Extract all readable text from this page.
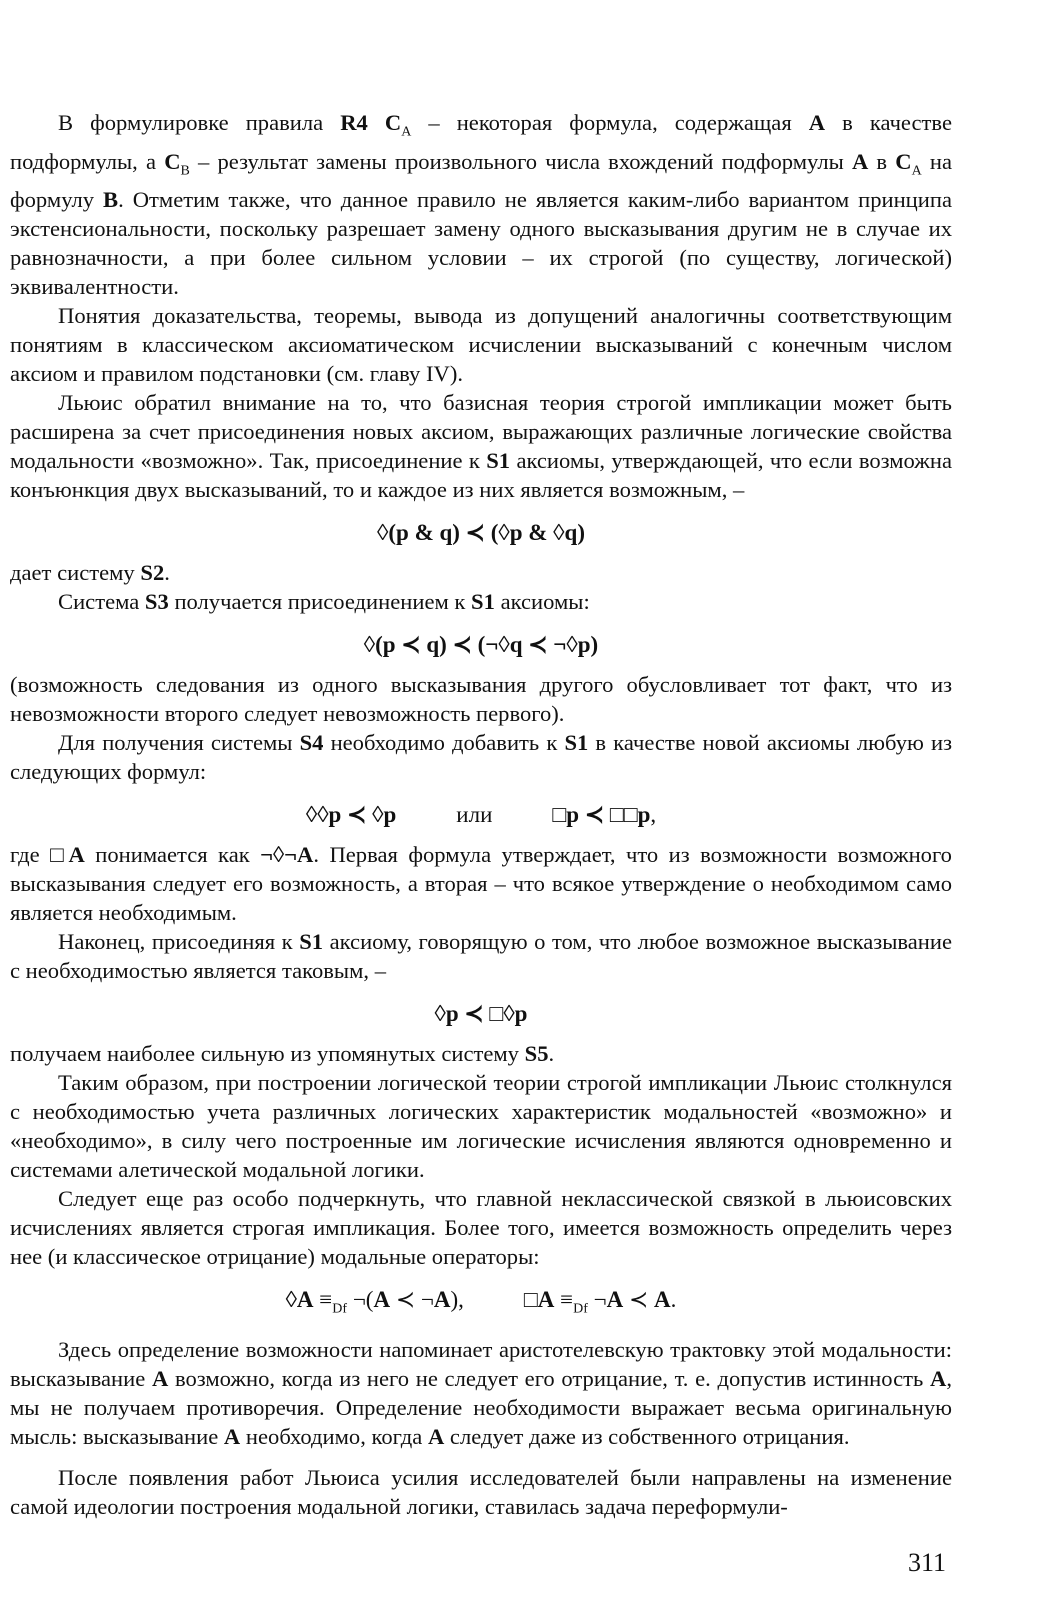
В формулировке правила R4 $C_A$ – некоторая формула, содержащая A в качестве подформулы, а $C_B$ – результат замены произвольного числа вхождений подформулы A в $C_A$ на формулу B. Отметим также, что данное правило не является каким-либо вариантом принципа экстенсиональности, поскольку разрешает замену одного высказывания другим не в случае их равнозначности, а при более сильном условии – их строгой (по существу, логической) эквивалентности.

Понятия доказательства, теоремы, вывода из допущений аналогичны соответствующим понятиям в классическом аксиоматическом исчислении высказываний с конечным числом аксиом и правилом подстановки (см. главу IV).

Льюис обратил внимание на то, что базисная теория строгой импликации может быть расширена за счет присоединения новых аксиом, выражающих различные логические свойства модальности «возможно». Так, присоединение к S1 аксиомы, утверждающей, что если возможна конъюнкция двух высказываний, то и каждое из них является возможным, –

◊(p & q) ≺ (◊p & ◊q)

дает систему S2.

Система S3 получается присоединением к S1 аксиомы:

◊(p ≺ q) ≺ (¬◊q ≺ ¬◊p)

(возможность следования из одного высказывания другого обусловливает тот факт, что из невозможности второго следует невозможность первого).

Для получения системы S4 необходимо добавить к S1 в качестве новой аксиомы любую из следующих формул:

◊◊p ≺ ◊p	или	□p ≺ □□p,

где □A понимается как ¬◊¬A. Первая формула утверждает, что из возможности возможного высказывания следует его возможность, а вторая – что всякое утверждение о необходимом само является необходимым.

Наконец, присоединяя к S1 аксиому, говорящую о том, что любое возможное высказывание с необходимостью является таковым, –

◊p ≺ □◊p

получаем наиболее сильную из упомянутых систему S5.

Таким образом, при построении логической теории строгой импликации Льюис столкнулся с необходимостью учета различных логических характеристик модальностей «возможно» и «необходимо», в силу чего построенные им логические исчисления являются одновременно и системами алетической модальной логики.

Следует еще раз особо подчеркнуть, что главной неклассической связкой в льюисовских исчислениях является строгая импликация. Более того, имеется возможность определить через нее (и классическое отрицание) модальные операторы:

◊A $\equiv_{Df}$ ¬(A ≺ ¬A),	□A $\equiv_{Df}$ ¬A ≺ A.

Здесь определение возможности напоминает аристотелевскую трактовку этой модальности: высказывание A возможно, когда из него не следует его отрицание, т. е. допустив истинность A, мы не получаем противоречия. Определение необходимости выражает весьма оригинальную мысль: высказывание A необходимо, когда A следует даже из собственного отрицания.

После появления работ Льюиса усилия исследователей были направлены на изменение самой идеологии построения модальной логики, ставилась задача переформули-

311
